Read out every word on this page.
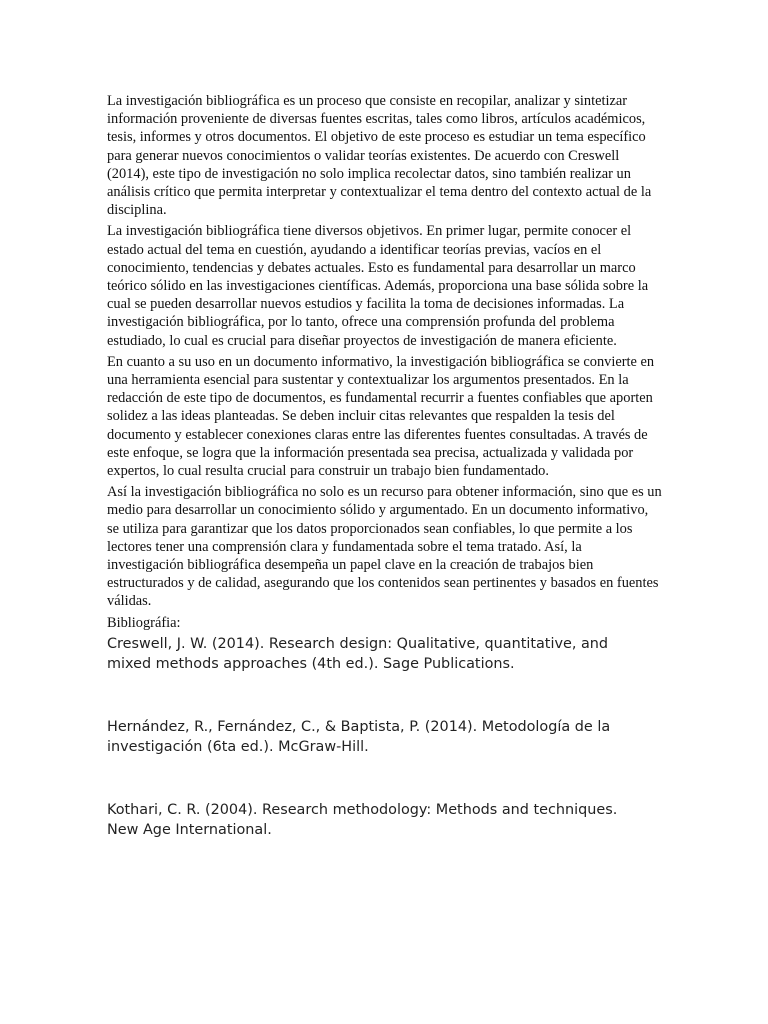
La investigación bibliográfica es un proceso que consiste en recopilar, analizar y sintetizar información proveniente de diversas fuentes escritas, tales como libros, artículos académicos, tesis, informes y otros documentos. El objetivo de este proceso es estudiar un tema específico para generar nuevos conocimientos o validar teorías existentes. De acuerdo con Creswell (2014), este tipo de investigación no solo implica recolectar datos, sino también realizar un análisis crítico que permita interpretar y contextualizar el tema dentro del contexto actual de la disciplina.

La investigación bibliográfica tiene diversos objetivos. En primer lugar, permite conocer el estado actual del tema en cuestión, ayudando a identificar teorías previas, vacíos en el conocimiento, tendencias y debates actuales. Esto es fundamental para desarrollar un marco teórico sólido en las investigaciones científicas. Además, proporciona una base sólida sobre la cual se pueden desarrollar nuevos estudios y facilita la toma de decisiones informadas. La investigación bibliográfica, por lo tanto, ofrece una comprensión profunda del problema estudiado, lo cual es crucial para diseñar proyectos de investigación de manera eficiente.

En cuanto a su uso en un documento informativo, la investigación bibliográfica se convierte en una herramienta esencial para sustentar y contextualizar los argumentos presentados. En la redacción de este tipo de documentos, es fundamental recurrir a fuentes confiables que aporten solidez a las ideas planteadas. Se deben incluir citas relevantes que respalden la tesis del documento y establecer conexiones claras entre las diferentes fuentes consultadas. A través de este enfoque, se logra que la información presentada sea precisa, actualizada y validada por expertos, lo cual resulta crucial para construir un trabajo bien fundamentado.

Así la investigación bibliográfica no solo es un recurso para obtener información, sino que es un medio para desarrollar un conocimiento sólido y argumentado. En un documento informativo, se utiliza para garantizar que los datos proporcionados sean confiables, lo que permite a los lectores tener una comprensión clara y fundamentada sobre el tema tratado. Así, la investigación bibliográfica desempeña un papel clave en la creación de trabajos bien estructurados y de calidad, asegurando que los contenidos sean pertinentes y basados en fuentes válidas.

Bibliográfia:

Creswell, J. W. (2014). Research design: Qualitative, quantitative, and mixed methods approaches (4th ed.). Sage Publications.

Hernández, R., Fernández, C., & Baptista, P. (2014). Metodología de la investigación (6ta ed.). McGraw-Hill.

Kothari, C. R. (2004). Research methodology: Methods and techniques. New Age International.
